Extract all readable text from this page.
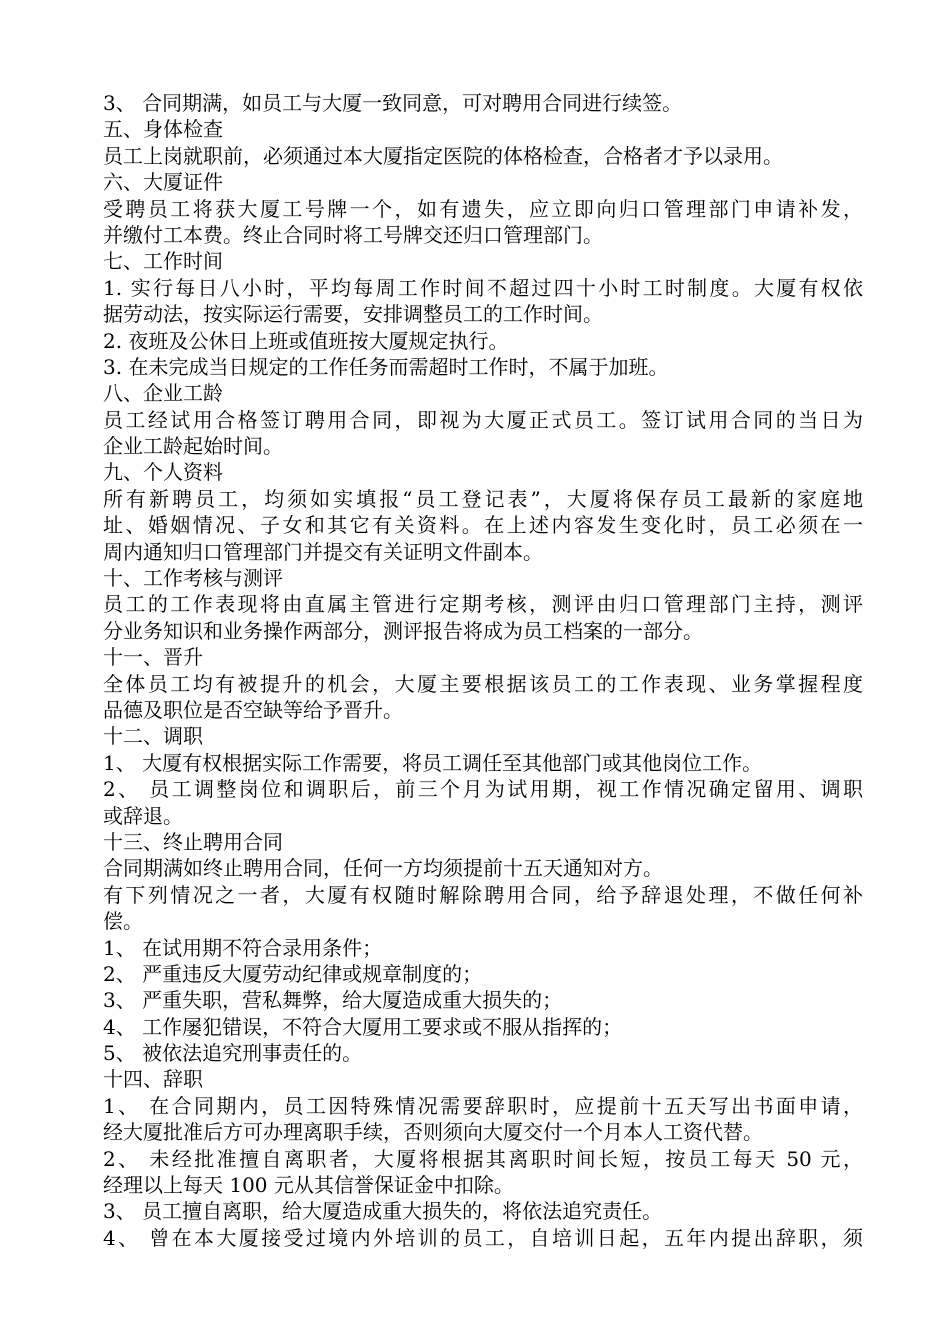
3、 合同期满，如员工与大厦一致同意，可对聘用合同进行续签。
五、身体检查
员工上岗就职前，必须通过本大厦指定医院的体格检查，合格者才予以录用。
六、大厦证件
受聘员工将获大厦工号牌一个，如有遗失，应立即向归口管理部门申请补发，
并缴付工本费。终止合同时将工号牌交还归口管理部门。
七、工作时间
1. 实行每日八小时，平均每周工作时间不超过四十小时工时制度。大厦有权依
据劳动法，按实际运行需要，安排调整员工的工作时间。
2. 夜班及公休日上班或值班按大厦规定执行。
3. 在未完成当日规定的工作任务而需超时工作时，不属于加班。
八、企业工龄
员工经试用合格签订聘用合同，即视为大厦正式员工。签订试用合同的当日为
企业工龄起始时间。
九、个人资料
所有新聘员工，均须如实填报“员工登记表”，大厦将保存员工最新的家庭地
址、婚姻情况、子女和其它有关资料。在上述内容发生变化时，员工必须在一
周内通知归口管理部门并提交有关证明文件副本。
十、工作考核与测评
员工的工作表现将由直属主管进行定期考核，测评由归口管理部门主持，测评
分业务知识和业务操作两部分，测评报告将成为员工档案的一部分。
十一、晋升
全体员工均有被提升的机会，大厦主要根据该员工的工作表现、业务掌握程度
品德及职位是否空缺等给予晋升。
十二、调职
1、 大厦有权根据实际工作需要，将员工调任至其他部门或其他岗位工作。
2、 员工调整岗位和调职后，前三个月为试用期，视工作情况确定留用、调职
或辞退。
十三、终止聘用合同
合同期满如终止聘用合同，任何一方均须提前十五天通知对方。
有下列情况之一者，大厦有权随时解除聘用合同，给予辞退处理，不做任何补
偿。
1、 在试用期不符合录用条件；
2、 严重违反大厦劳动纪律或规章制度的；
3、 严重失职，营私舞弊，给大厦造成重大损失的；
4、 工作屡犯错误，不符合大厦用工要求或不服从指挥的；
5、 被依法追究刑事责任的。
十四、辞职
1、 在合同期内，员工因特殊情况需要辞职时，应提前十五天写出书面申请，
经大厦批准后方可办理离职手续，否则须向大厦交付一个月本人工资代替。
2、 未经批准擅自离职者，大厦将根据其离职时间长短，按员工每天 50 元，
经理以上每天 100 元从其信誉保证金中扣除。
3、 员工擅自离职，给大厦造成重大损失的，将依法追究责任。
4、 曾在本大厦接受过境内外培训的员工，自培训日起，五年内提出辞职，须
